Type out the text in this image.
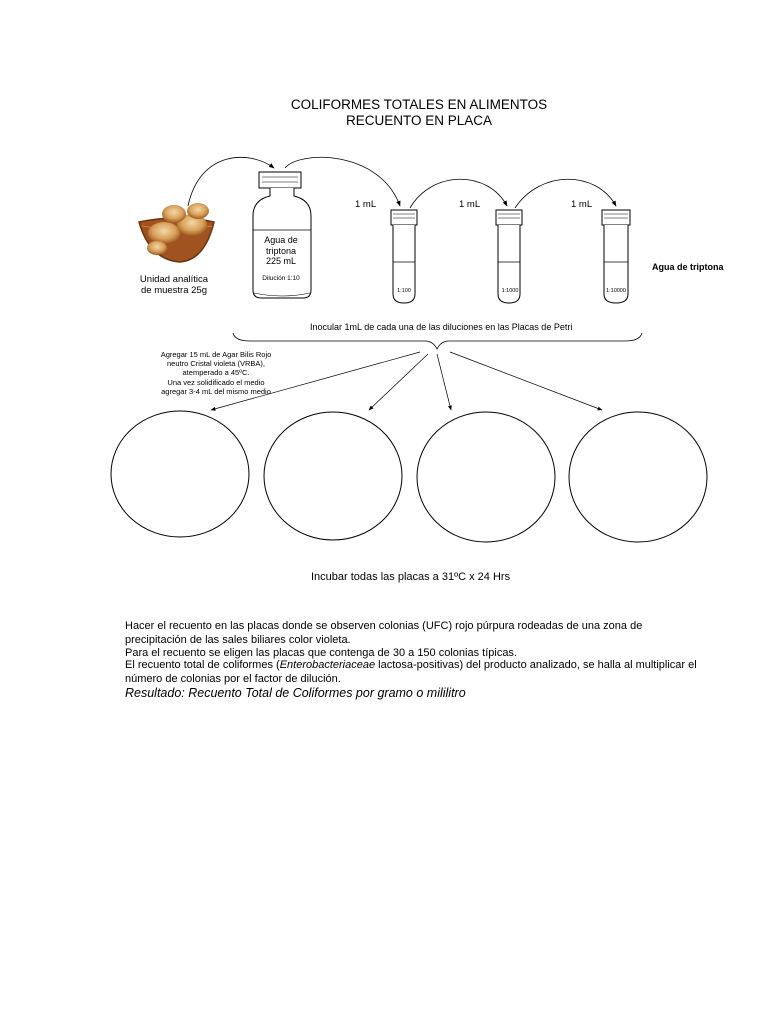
COLIFORMES TOTALES EN ALIMENTOS
RECUENTO EN PLACA
Unidad analítica
de muestra 25g
Agua de
triptona
225 mL
Dilución 1:10
1 mL	1 mL	1 mL
1:100	1:1000	1:10000
Agua de triptona
Inocular 1mL de cada una de las diluciones en las Placas de Petri
Agregar 15 mL de Agar Bilis Rojo
neutro Cristal violeta (VRBA),
atemperado a 45ºC.
Una vez solidificado el medio
agregar 3-4 mL del mismo medio
Incubar todas las placas a 31ºC x 24 Hrs
Hacer el recuento en las placas donde se observen colonias (UFC) rojo púrpura rodeadas de una zona de precipitación de las sales biliares color violeta.
Para el recuento se eligen las placas que contenga de 30 a 150 colonias típicas.
El recuento total de coliformes (Enterobacteriaceae lactosa-positivas) del producto analizado, se halla al multiplicar el número de colonias por el factor de dilución.
Resultado: Recuento Total de Coliformes por gramo o mililitro
